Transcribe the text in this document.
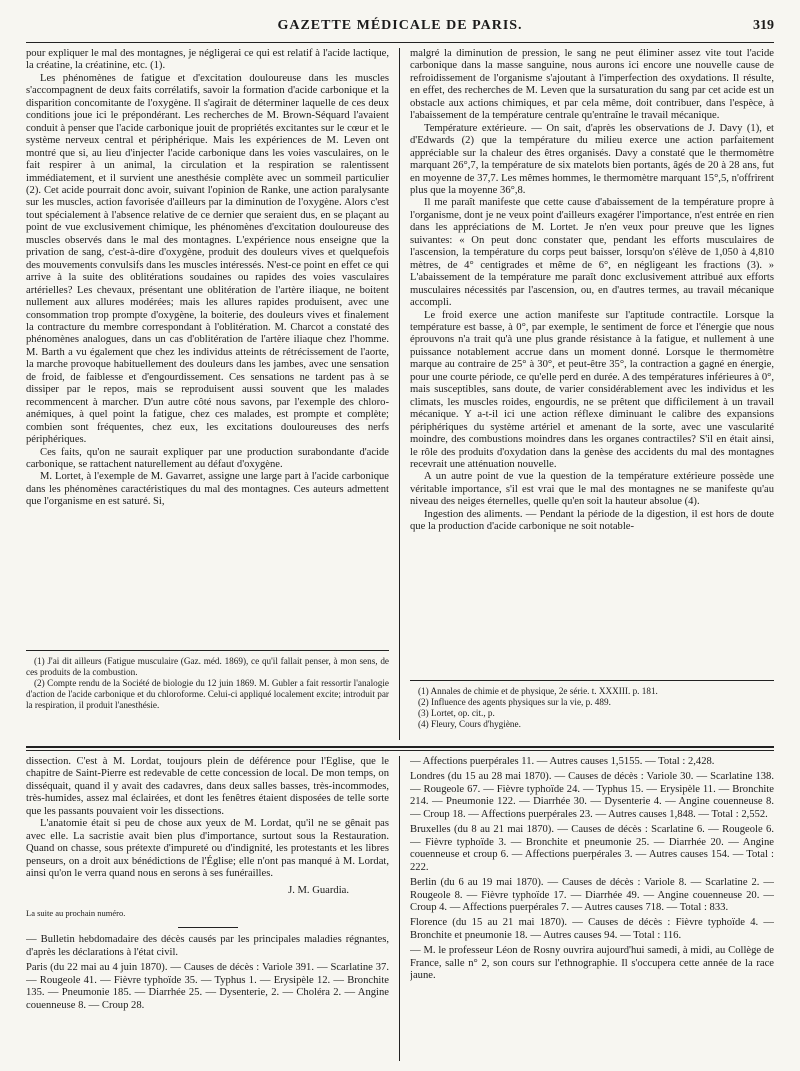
GAZETTE MÉDICALE DE PARIS.	319

pour expliquer le mal des montagnes, je négligerai ce qui est relatif à l'acide lactique, la créatine, la créatinine, etc. (1).

Les phénomènes de fatigue et d'excitation douloureuse dans les muscles s'accompagnent de deux faits corrélatifs, savoir la formation d'acide carbonique et la disparition concomitante de l'oxygène. Il s'agirait de déterminer laquelle de ces deux conditions joue ici le prépondérant. Les recherches de M. Brown-Séquard l'avaient conduit à penser que l'acide carbonique jouit de propriétés excitantes sur le cœur et le système nerveux central et périphérique. Mais les expériences de M. Leven ont montré que si, au lieu d'injecter l'acide carbonique dans les voies vasculaires, on le fait respirer à un animal, la circulation et la respiration se ralentissent immédiatement, et il survient une anesthésie complète avec un sommeil particulier (2). Cet acide pourrait donc avoir, suivant l'opinion de Ranke, une action paralysante sur les muscles, action favorisée d'ailleurs par la diminution de l'oxygène. Alors c'est tout spécialement à l'absence relative de ce dernier que seraient dus, en se plaçant au point de vue exclusivement chimique, les phénomènes d'excitation douloureuse des muscles observés dans le mal des montagnes. L'expérience nous enseigne que la privation de sang, c'est-à-dire d'oxygène, produit des douleurs vives et quelquefois des mouvements convulsifs dans les muscles intéressés. N'est-ce point en effet ce qui arrive à la suite des oblitérations soudaines ou rapides des voies vasculaires artérielles? Les chevaux, présentant une oblitération de l'artère iliaque, ne boitent nullement aux allures modérées; mais les allures rapides produisent, avec une consommation trop prompte d'oxygène, la boiterie, des douleurs vives et finalement la contracture du membre correspondant à l'oblitération. M. Charcot a constaté des phénomènes analogues, dans un cas d'oblitération de l'artère iliaque chez l'homme. M. Barth a vu également que chez les individus atteints de rétrécissement de l'aorte, la marche provoque habituellement des douleurs dans les jambes, avec une sensation de froid, de faiblesse et d'engourdissement. Ces sensations ne tardent pas à se dissiper par le repos, mais se reproduisent aussi souvent que les malades recommencent à marcher. D'un autre côté nous savons, par l'exemple des chloro-anémiques, à quel point la fatigue, chez ces malades, est prompte et complète; combien sont fréquentes, chez eux, les excitations douloureuses des nerfs périphériques.

Ces faits, qu'on ne saurait expliquer par une production surabondante d'acide carbonique, se rattachent naturellement au défaut d'oxygène.

M. Lortet, à l'exemple de M. Gavarret, assigne une large part à l'acide carbonique dans les phénomènes caractéristiques du mal des montagnes. Ces auteurs admettent que l'organisme en est saturé. Si,

(1) J'ai dit ailleurs (Fatigue musculaire (Gaz. méd. 1869), ce qu'il fallait penser, à mon sens, de ces produits de la combustion.

(2) Compte rendu de la Société de biologie du 12 juin 1869. M. Gubler a fait ressortir l'analogie d'action de l'acide carbonique et du chloroforme. Celui-ci appliqué localement excite; introduit par la respiration, il produit l'anesthésie.

malgré la diminution de pression, le sang ne peut éliminer assez vite tout l'acide carbonique dans la masse sanguine, nous aurons ici encore une nouvelle cause de refroidissement de l'organisme s'ajoutant à l'imperfection des oxydations. Il résulte, en effet, des recherches de M. Leven que la sursaturation du sang par cet acide est un obstacle aux actions chimiques, et par cela même, doit contribuer, dans l'espèce, à l'abaissement de la température centrale qu'entraîne le travail mécanique.

Température extérieure. — On sait, d'après les observations de J. Davy (1), et d'Edwards (2) que la température du milieu exerce une action parfaitement appréciable sur la chaleur des êtres organisés. Davy a constaté que le thermomètre marquant 26°,7, la température de six matelots bien portants, âgés de 20 à 28 ans, fut en moyenne de 37,7. Les mêmes hommes, le thermomètre marquant 15°,5, n'offrirent plus que la moyenne 36°,8.

Il me paraît manifeste que cette cause d'abaissement de la température propre à l'organisme, dont je ne veux point d'ailleurs exagérer l'importance, n'est entrée en rien dans les appréciations de M. Lortet. Je n'en veux pour preuve que les lignes suivantes: « On peut donc constater que, pendant les efforts musculaires de l'ascension, la température du corps peut baisser, lorsqu'on s'élève de 1,050 à 4,810 mètres, de 4° centigrades et même de 6°, en négligeant les fractions (3). » L'abaissement de la température me paraît donc exclusivement attribué aux efforts musculaires nécessités par l'ascension, ou, en d'autres termes, au travail mécanique accompli.

Le froid exerce une action manifeste sur l'aptitude contractile. Lorsque la température est basse, à 0°, par exemple, le sentiment de force et l'énergie que nous éprouvons n'a trait qu'à une plus grande résistance à la fatigue, et nullement à une puissance notablement accrue dans un moment donné. Lorsque le thermomètre marque au contraire de 25° à 30°, et peut-être 35°, la contraction a gagné en énergie, pour une courte période, ce qu'elle perd en durée. A des températures inférieures à 0°, mais susceptibles, sans doute, de varier considérablement avec les individus et les climats, les muscles roides, engourdis, ne se prêtent que difficilement à un travail mécanique. Y a-t-il ici une action réflexe diminuant le calibre des expansions périphériques du système artériel et amenant de la sorte, avec une vascularité moindre, des combustions moindres dans les organes contractiles? S'il en était ainsi, le rôle des produits d'oxydation dans la genèse des accidents du mal des montagnes recevrait une atténuation nouvelle.

A un autre point de vue la question de la température extérieure possède une véritable importance, s'il est vrai que le mal des montagnes ne se manifeste qu'au niveau des neiges éternelles, quelle qu'en soit la hauteur absolue (4).

Ingestion des aliments. — Pendant la période de la digestion, il est hors de doute que la production d'acide carbonique ne soit notable-

(1) Annales de chimie et de physique, 2e série. t. XXXIII. p. 181.

(2) Influence des agents physiques sur la vie, p. 489.

(3) Lortet, op. cit., p.

(4) Fleury, Cours d'hygiène.

dissection. C'est à M. Lordat, toujours plein de déférence pour l'Église, que le chapitre de Saint-Pierre est redevable de cette concession de local. De mon temps, on disséquait, quand il y avait des cadavres, dans deux salles basses, très-incommodes, très-humides, assez mal éclairées, et dont les fenêtres étaient disposées de telle sorte que les passants pouvaient voir les dissections.

L'anatomie était si peu de chose aux yeux de M. Lordat, qu'il ne se gênait pas avec elle. La sacristie avait bien plus d'importance, surtout sous la Restauration. Quand on chasse, sous prétexte d'impureté ou d'indignité, les protestants et les libres penseurs, on a droit aux bénédictions de l'Église; elle n'ont pas manqué à M. Lordat, ainsi qu'on le verra quand nous en serons à ses funérailles.

J. M. Guardia.

La suite au prochain numéro.

— Bulletin hebdomadaire des décès causés par les principales maladies régnantes, d'après les déclarations à l'état civil.

Paris (du 22 mai au 4 juin 1870). — Causes de décès : Variole 391. — Scarlatine 37. — Rougeole 41. — Fièvre typhoïde 35. — Typhus 1. — Erysipèle 12. — Bronchite 135. — Pneumonie 185. — Diarrhée 25. — Dysenterie, 2. — Choléra 2. — Angine couenneuse 8. — Croup 28.

— Affections puerpérales 11. — Autres causes 1,5155. — Total : 2,428.

Londres (du 15 au 28 mai 1870). — Causes de décès : Variole 30. — Scarlatine 138. — Rougeole 67. — Fièvre typhoïde 24. — Typhus 15. — Erysipèle 11. — Bronchite 214. — Pneumonie 122. — Diarrhée 30. — Dysenterie 4. — Angine couenneuse 8. — Croup 18. — Affections puerpérales 23. — Autres causes 1,848. — Total : 2,552.

Bruxelles (du 8 au 21 mai 1870). — Causes de décès : Scarlatine 6. — Rougeole 6. — Fièvre typhoïde 3. — Bronchite et pneumonie 25. — Diarrhée 20. — Angine couenneuse et croup 6. — Affections puerpérales 3. — Autres causes 154. — Total : 222.

Berlin (du 6 au 19 mai 1870). — Causes de décès : Variole 8. — Scarlatine 2. — Rougeole 8. — Fièvre typhoïde 17. — Diarrhée 49. — Angine couenneuse 20. — Croup 4. — Affections puerpérales 7. — Autres causes 718. — Total : 833.

Florence (du 15 au 21 mai 1870). — Causes de décès : Fièvre typhoïde 4. — Bronchite et pneumonie 18. — Autres causes 94. — Total : 116.

— M. le professeur Léon de Rosny ouvrira aujourd'hui samedi, à midi, au Collège de France, salle n° 2, son cours sur l'ethnographie. Il s'occupera cette année de la race jaune.
